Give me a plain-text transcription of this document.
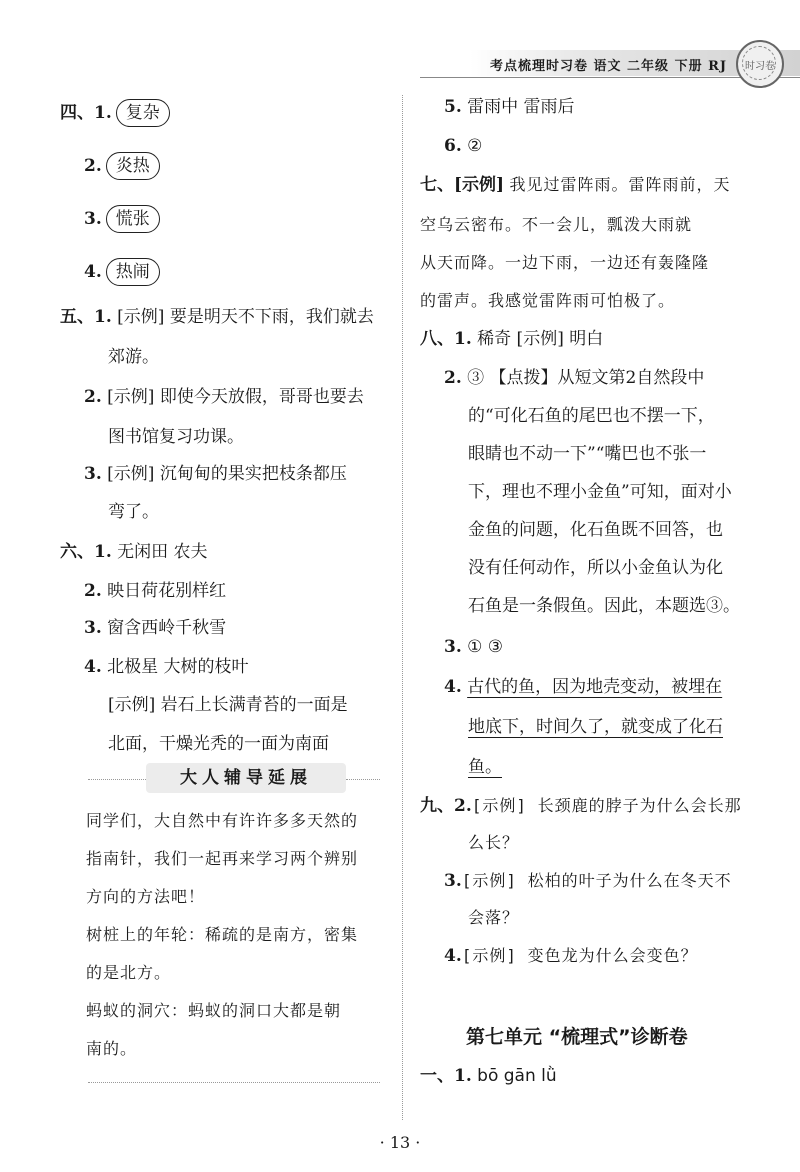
考点梳理时习卷 语文 二年级 下册 RJ 时习卷
四、1. 复杂
2. 炎热
3. 慌张
4. 热闹
五、1. [示例] 要是明天不下雨，我们就去
郊游。
2. [示例] 即使今天放假，哥哥也要去
图书馆复习功课。
3. [示例] 沉甸甸的果实把枝条都压
弯了。
六、1. 无闲田 农夫
2. 映日荷花别样红
3. 窗含西岭千秋雪
4. 北极星 大树的枝叶
[示例] 岩石上长满青苔的一面是
北面，干燥光秃的一面为南面
大人辅导延展
同学们，大自然中有许许多多天然的
指南针，我们一起再来学习两个辨别
方向的方法吧！
树桩上的年轮：稀疏的是南方，密集
的是北方。
蚂蚁的洞穴：蚂蚁的洞口大都是朝
南的。
5. 雷雨中 雷雨后
6. ②
七、[示例] 我见过雷阵雨。雷阵雨前，天
空乌云密布。不一会儿，瓢泼大雨就
从天而降。一边下雨，一边还有轰隆隆
的雷声。我感觉雷阵雨可怕极了。
八、1. 稀奇 [示例] 明白
2. ③ 【点拨】从短文第2自然段中
的“可化石鱼的尾巴也不摆一下，
眼睛也不动一下”“嘴巴也不张一
下，理也不理小金鱼”可知，面对小
金鱼的问题，化石鱼既不回答，也
没有任何动作，所以小金鱼认为化
石鱼是一条假鱼。因此，本题选③。
3. ① ③
4. 古代的鱼，因为地壳变动，被埋在
地底下，时间久了，就变成了化石
鱼。
九、2.[示例] 长颈鹿的脖子为什么会长那
么长？
3.[示例] 松柏的叶子为什么在冬天不
会落？
4.[示例] 变色龙为什么会变色？
第七单元 “梳理式”诊断卷
一、1. bō gān lǜ
· 13 ·
